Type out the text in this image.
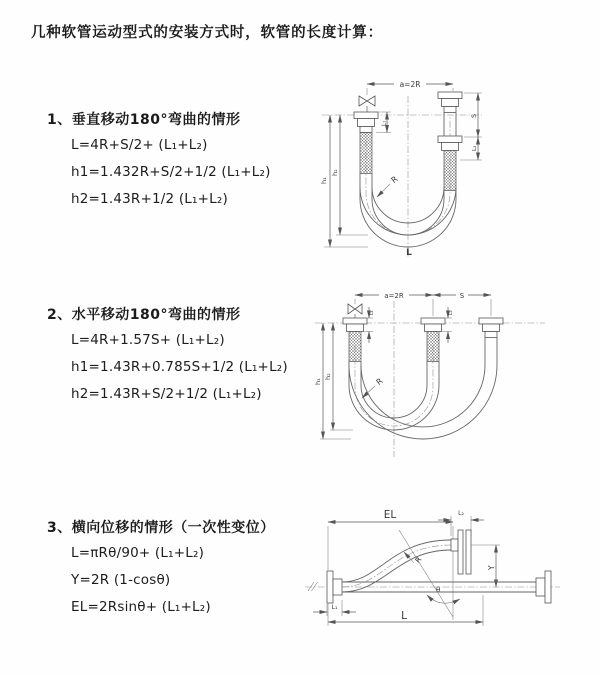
几种软管运动型式的安装方式时，软管的长度计算：
1、垂直移动180°弯曲的情形
L=4R+S/2+ (L₁+L₂)
h1=1.432R+S/2+1/2 (L₁+L₂)
h2=1.43R+1/2 (L₁+L₂)
2、水平移动180°弯曲的情形
L=4R+1.57S+ (L₁+L₂)
h1=1.43R+0.785S+1/2 (L₁+L₂)
h2=1.43R+S/2+1/2 (L₁+L₂)
3、横向位移的情形（一次性变位）
L=πRθ/90+ (L₁+L₂)
Y=2R (1-cosθ)
EL=2Rsinθ+ (L₁+L₂)
a=2R
h₁
h₂
S
L₂
L₁
R
L
a=2R	S
h₁
h₂
L₁	L₂
R
EL	L₂
Y
R
θ
L
L₁
